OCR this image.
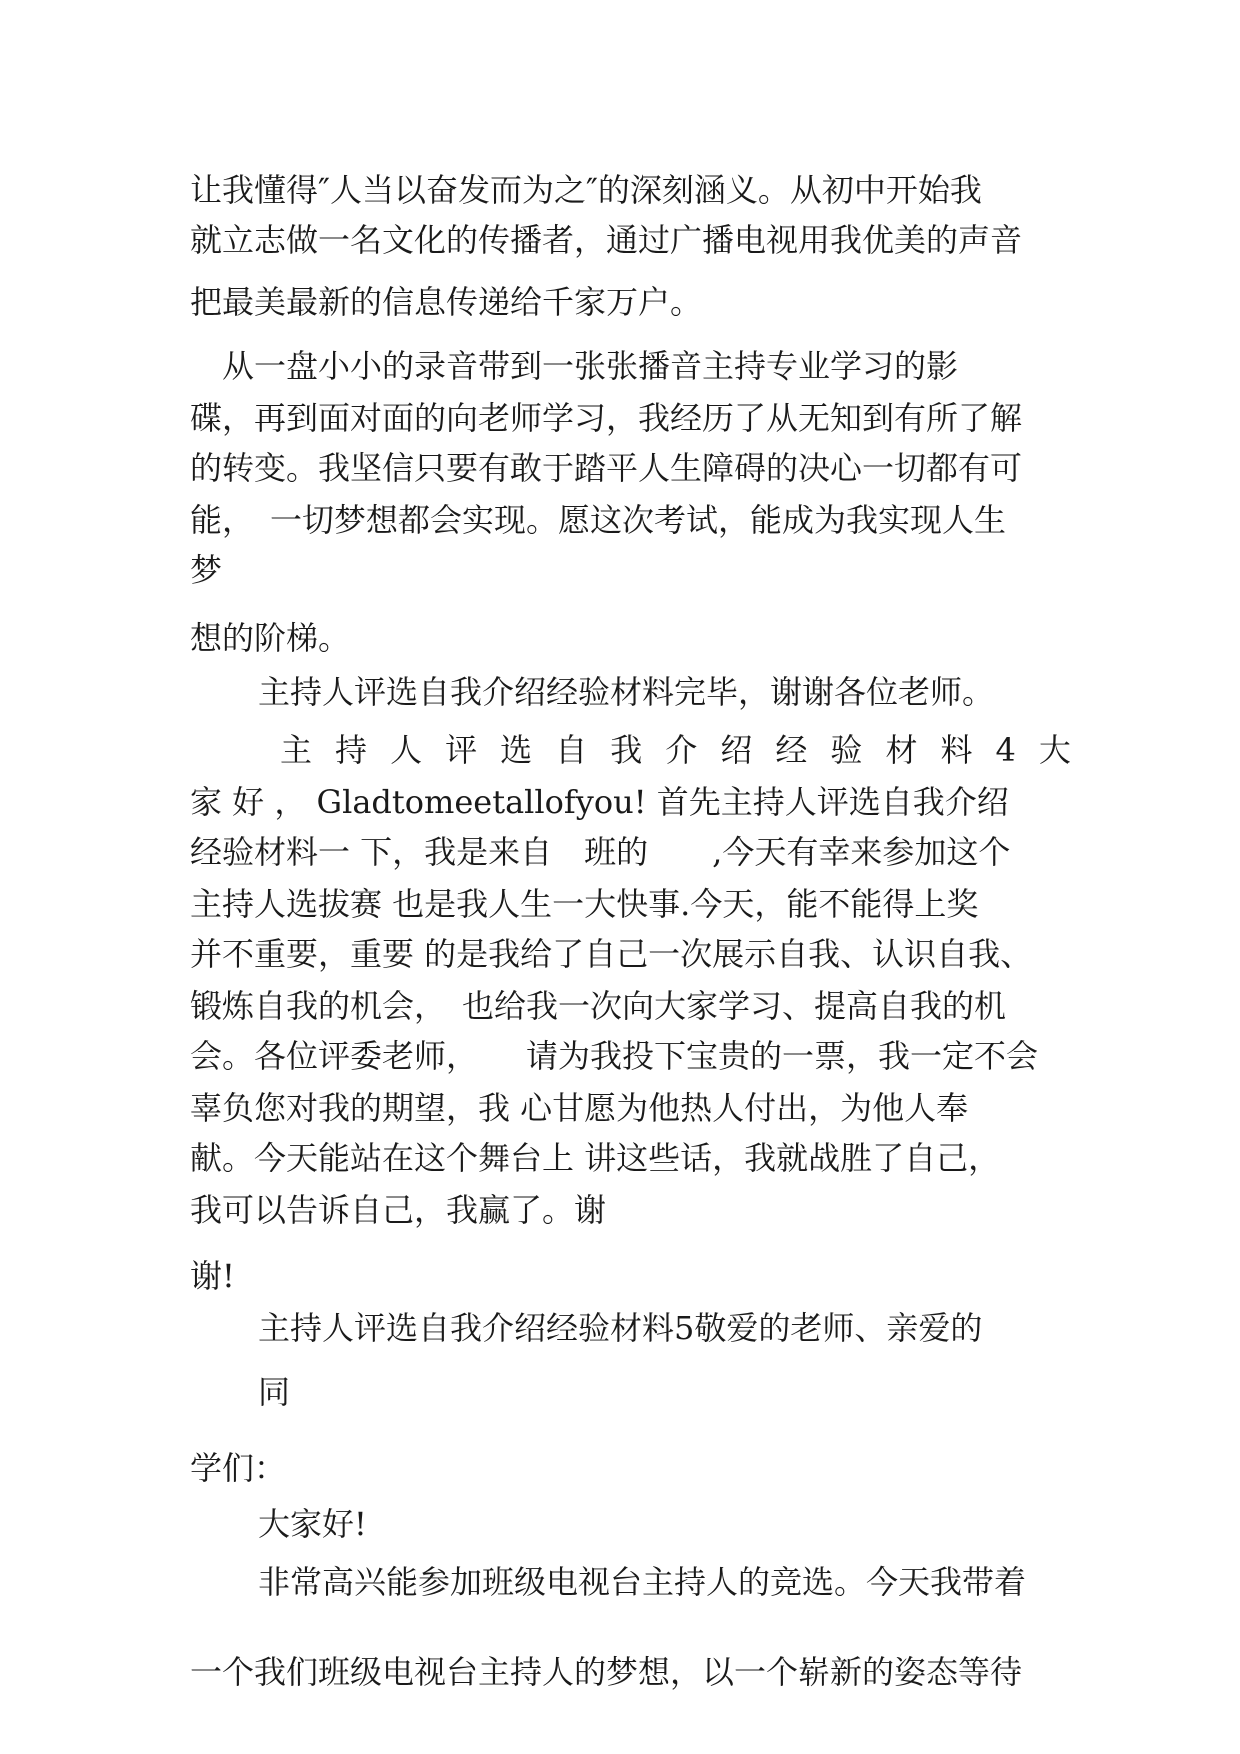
让我懂得″人当以奋发而为之″的深刻涵义。从初中开始我

就立志做一名文化的传播者，通过广播电视用我优美的声音

把最美最新的信息传递给千家万户。

　从一盘小小的录音带到一张张播音主持专业学习的影

碟，再到面对面的向老师学习，我经历了从无知到有所了解

的转变。我坚信只要有敢于踏平人生障碍的决心一切都有可

能，　一切梦想都会实现。愿这次考试，能成为我实现人生

梦

想的阶梯。

主持人评选自我介绍经验材料完毕，谢谢各位老师。

主持人评选自我介绍经验材料4大

家 好 ， Gladtomeetallofyou! 首先主持人评选自我介绍

经验材料一 下，我是来自　班的　　,今天有幸来参加这个

主持人选拔赛 也是我人生一大快事.今天，能不能得上奖

并不重要，重要 的是我给了自己一次展示自我、认识自我、

锻炼自我的机会，　也给我一次向大家学习、提高自我的机

会。各位评委老师，　　请为我投下宝贵的一票，我一定不会

辜负您对我的期望，我 心甘愿为他热人付出，为他人奉

献。今天能站在这个舞台上 讲这些话，我就战胜了自己，

我可以告诉自己，我赢了。谢

谢!

主持人评选自我介绍经验材料5敬爱的老师、亲爱的

同

学们：

大家好!

非常高兴能参加班级电视台主持人的竞选。今天我带着

一个我们班级电视台主持人的梦想，以一个崭新的姿态等待
